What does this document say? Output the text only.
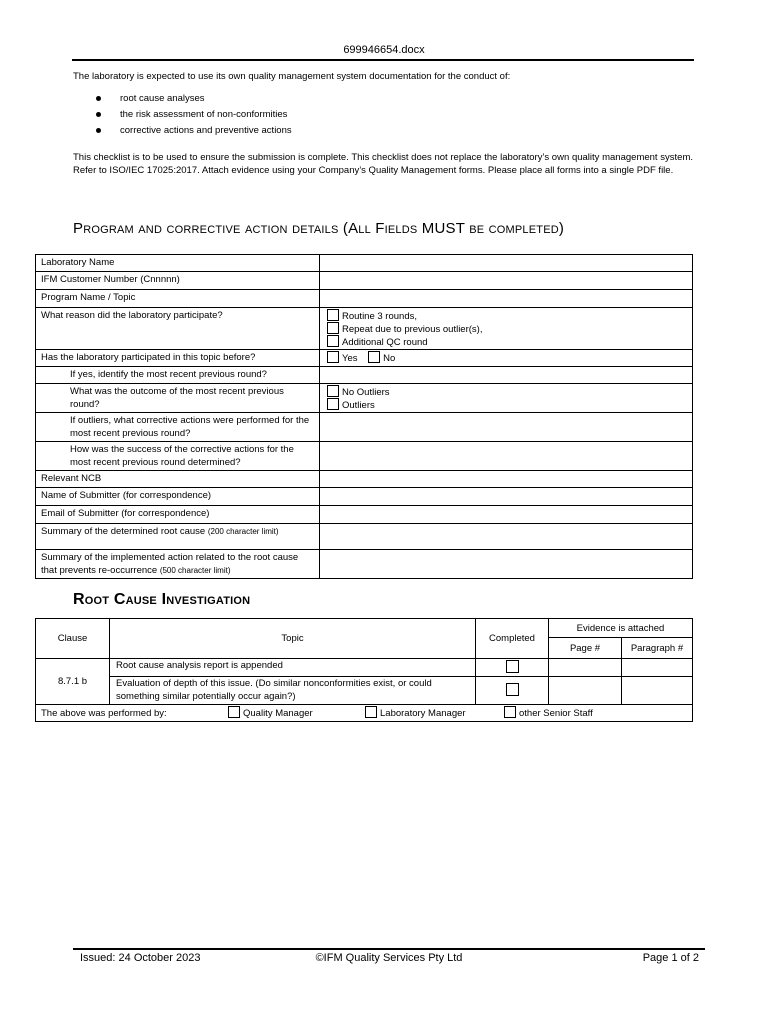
699946654.docx
The laboratory is expected to use its own quality management system documentation for the conduct of:
root cause analyses
the risk assessment of non-conformities
corrective actions and preventive actions
This checklist is to be used to ensure the submission is complete. This checklist does not replace the laboratory’s own quality management system. Refer to ISO/IEC 17025:2017. Attach evidence using your Company’s Quality Management forms. Please place all forms into a single PDF file.
Program and corrective action details (All Fields MUST be completed)
Laboratory Name	
IFM Customer Number (Cnnnnn)	
Program Name / Topic	
What reason did the laboratory participate?	Routine 3 rounds,
Repeat due to previous outlier(s),
Additional QC round

Has the laboratory participated in this topic before?	Yes No
If yes, identify the most recent previous round?	
What was the outcome of the most recent previous round?	No Outliers
Outliers

If outliers, what corrective actions were performed for the most recent previous round?	
How was the success of the corrective actions for the most recent previous round determined?	
Relevant NCB	
Name of Submitter (for correspondence)	
Email of Submitter (for correspondence)	
Summary of the determined root cause (200 character limit)	
Summary of the implemented action related to the root cause that prevents re-occurrence (500 character limit)	
Root Cause Investigation
Clause	Topic	Completed	Evidence is attached	
			Page #	Paragraph #
8.7.1 b	Root cause analysis report is appended			
	Evaluation of depth of this issue. (Do similar nonconformities exist, or could something similar potentially occur again?)			
The above was performed by: Quality Manager Laboratory Manager other Senior Staff				
Issued: 24 October 2023	©IFM Quality Services Pty Ltd	Page 1 of 2
